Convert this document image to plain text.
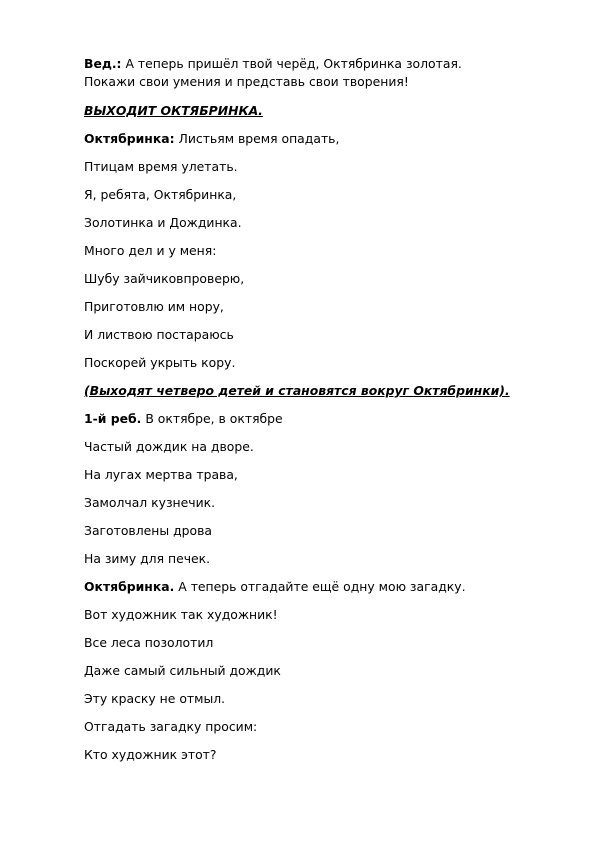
Вед.: А теперь пришёл твой черёд, Октябринка золотая.
Покажи свои умения и представь свои творения!

ВЫХОДИТ ОКТЯБРИНКА.

Октябринка: Листьям время опадать,

Птицам время улетать.

Я, ребята, Октябринка,

Золотинка и Дождинка.

Много дел и у меня:

Шубу зайчиковпроверю,

Приготовлю им нору,

И листвою постараюсь

Поскорей укрыть кору.

(Выходят четверо детей и становятся вокруг Октябринки).

1-й реб. В октябре, в октябре

Частый дождик на дворе.

На лугах мертва трава,

Замолчал кузнечик.

Заготовлены дрова

На зиму для печек.

Октябринка. А теперь отгадайте ещё одну мою загадку.

Вот художник так художник!

Все леса позолотил

Даже самый сильный дождик

Эту краску не отмыл.

Отгадать загадку просим:

Кто художник этот?
